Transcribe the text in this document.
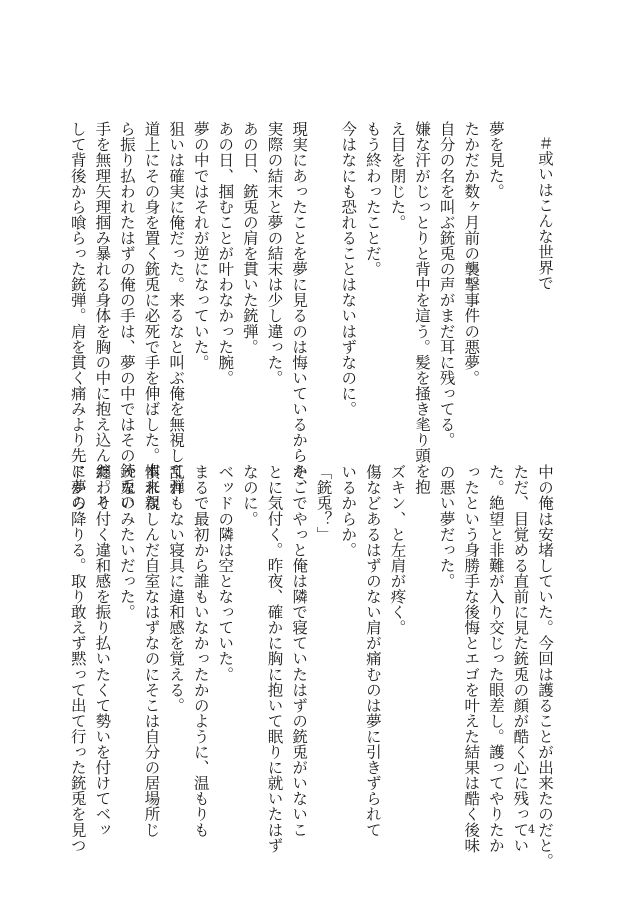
＃或いはこんな世界で

夢を見た。
たかだか数ヶ月前の襲撃事件の悪夢。
自分の名を叫ぶ銃兎の声がまだ耳に残ってる。
嫌な汗がじっとりと背中を這う。髪を掻き毟り頭を抱
え目を閉じた。
もう終わったことだ。
今はなにも恐れることはないはずなのに。

現実にあったことを夢に見るのは悔いているからか、
実際の結末と夢の結末は少し違った。
あの日、銃兎の肩を貫いた銃弾。
あの日、掴むことが叶わなかった腕。
夢の中ではそれが逆になっていた。
狙いは確実に俺だった。来るなと叫ぶ俺を無視して弾
道上にその身を置く銃兎に必死で手を伸ばした。本来な
ら振り払われたはずの俺の手は、夢の中ではその銃兎の
手を無理矢理掴み暴れる身体を胸の中に抱え込んだ。そ
して背後から喰らった銃弾。肩を貫く痛みより先に夢の
中の俺は安堵していた。今回は護ることが出来たのだと。
ただ、目覚める直前に見た銃兎の顔が酷く心に残ってい
た。絶望と非難が入り交じった眼差し。護ってやりたか
ったという身勝手な後悔とエゴを叶えた結果は酷く後味
の悪い夢だった。

ズキン、と左肩が疼く。
傷などあるはずのない肩が痛むのは夢に引きずられて
いるからか。
「銃兎？」
そこでやっと俺は隣で寝ていたはずの銃兎がいないこ
とに気付く。昨夜、確かに胸に抱いて眠りに就いたはず
なのに。
ベッドの隣は空となっていた。
まるで最初から誰もいなかったかのように、温もりも
乱れもない寝具に違和感を覚える。
慣れ親しんだ自室なはずなのにそこは自分の居場所じ
ゃないみたいだった。
纏わり付く違和感を振り払いたくて勢いを付けてベッ
ドから降りる。取り敢えず黙って出て行った銃兎を見つ	4
